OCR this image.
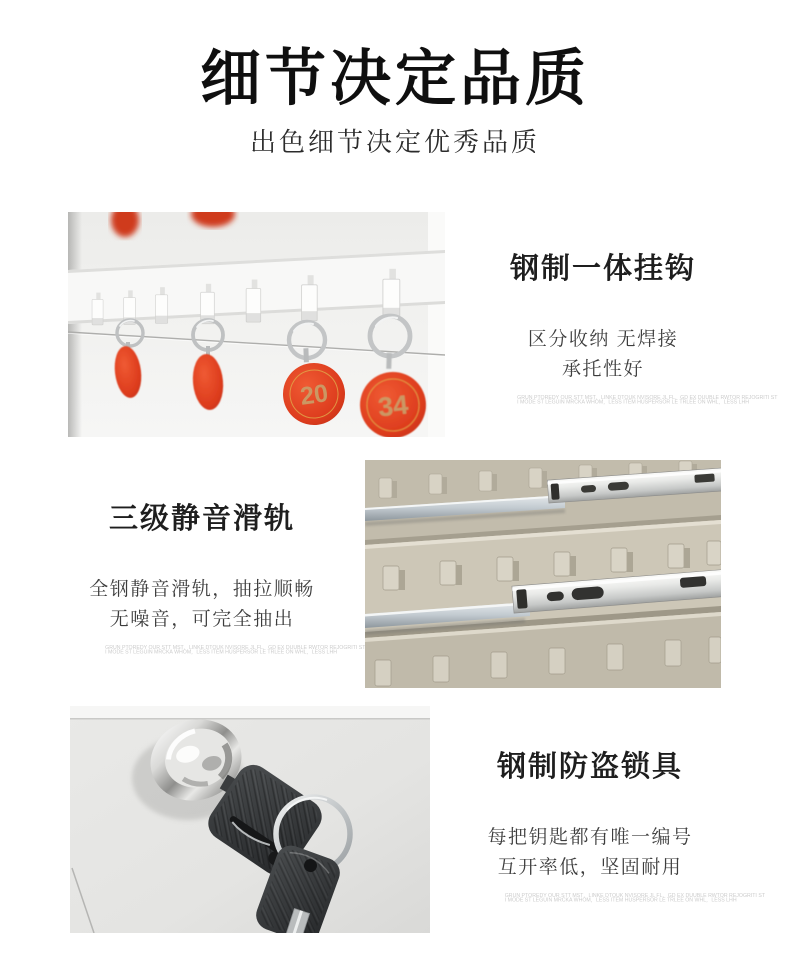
细节决定品质

出色细节决定优秀品质

20 34
钢制一体挂钩

区分收纳 无焊接
承托性好

GRUN PTOREDY OUR STT MST，LINKE DTOUK NVISORE JL FL，GD EX DUUBLE RWTOR REJOGRITI ST
I MODE ST LEGUIN MRCKA WHOM，LESS ITEM HUSPERSOR LE TRLEE ON WHL，LESS LHH

三级静音滑轨

全钢静音滑轨，抽拉顺畅
无噪音，可完全抽出

GRUN PTOREDY OUR STT MST，LINKE DTOUK NVISORE JL FL，GD EX DUUBLE RWTOR REJOGRITI ST
I MODE ST LEGUIN MRCKA WHOM，LESS ITEM HUSPERSOR LE TRLEE ON WHL，LESS LHH

钢制防盗锁具

每把钥匙都有唯一编号
互开率低，坚固耐用

GRUN PTOREDY OUR STT MST，LINKE DTOUK NVISORE JL FL，GD EX DUUBLE RWTOR REJOGRITI ST
I MODE ST LEGUIN MRCKA WHOM，LESS ITEM HUSPERSOR LE TRLEE ON WHL，LESS LHH
